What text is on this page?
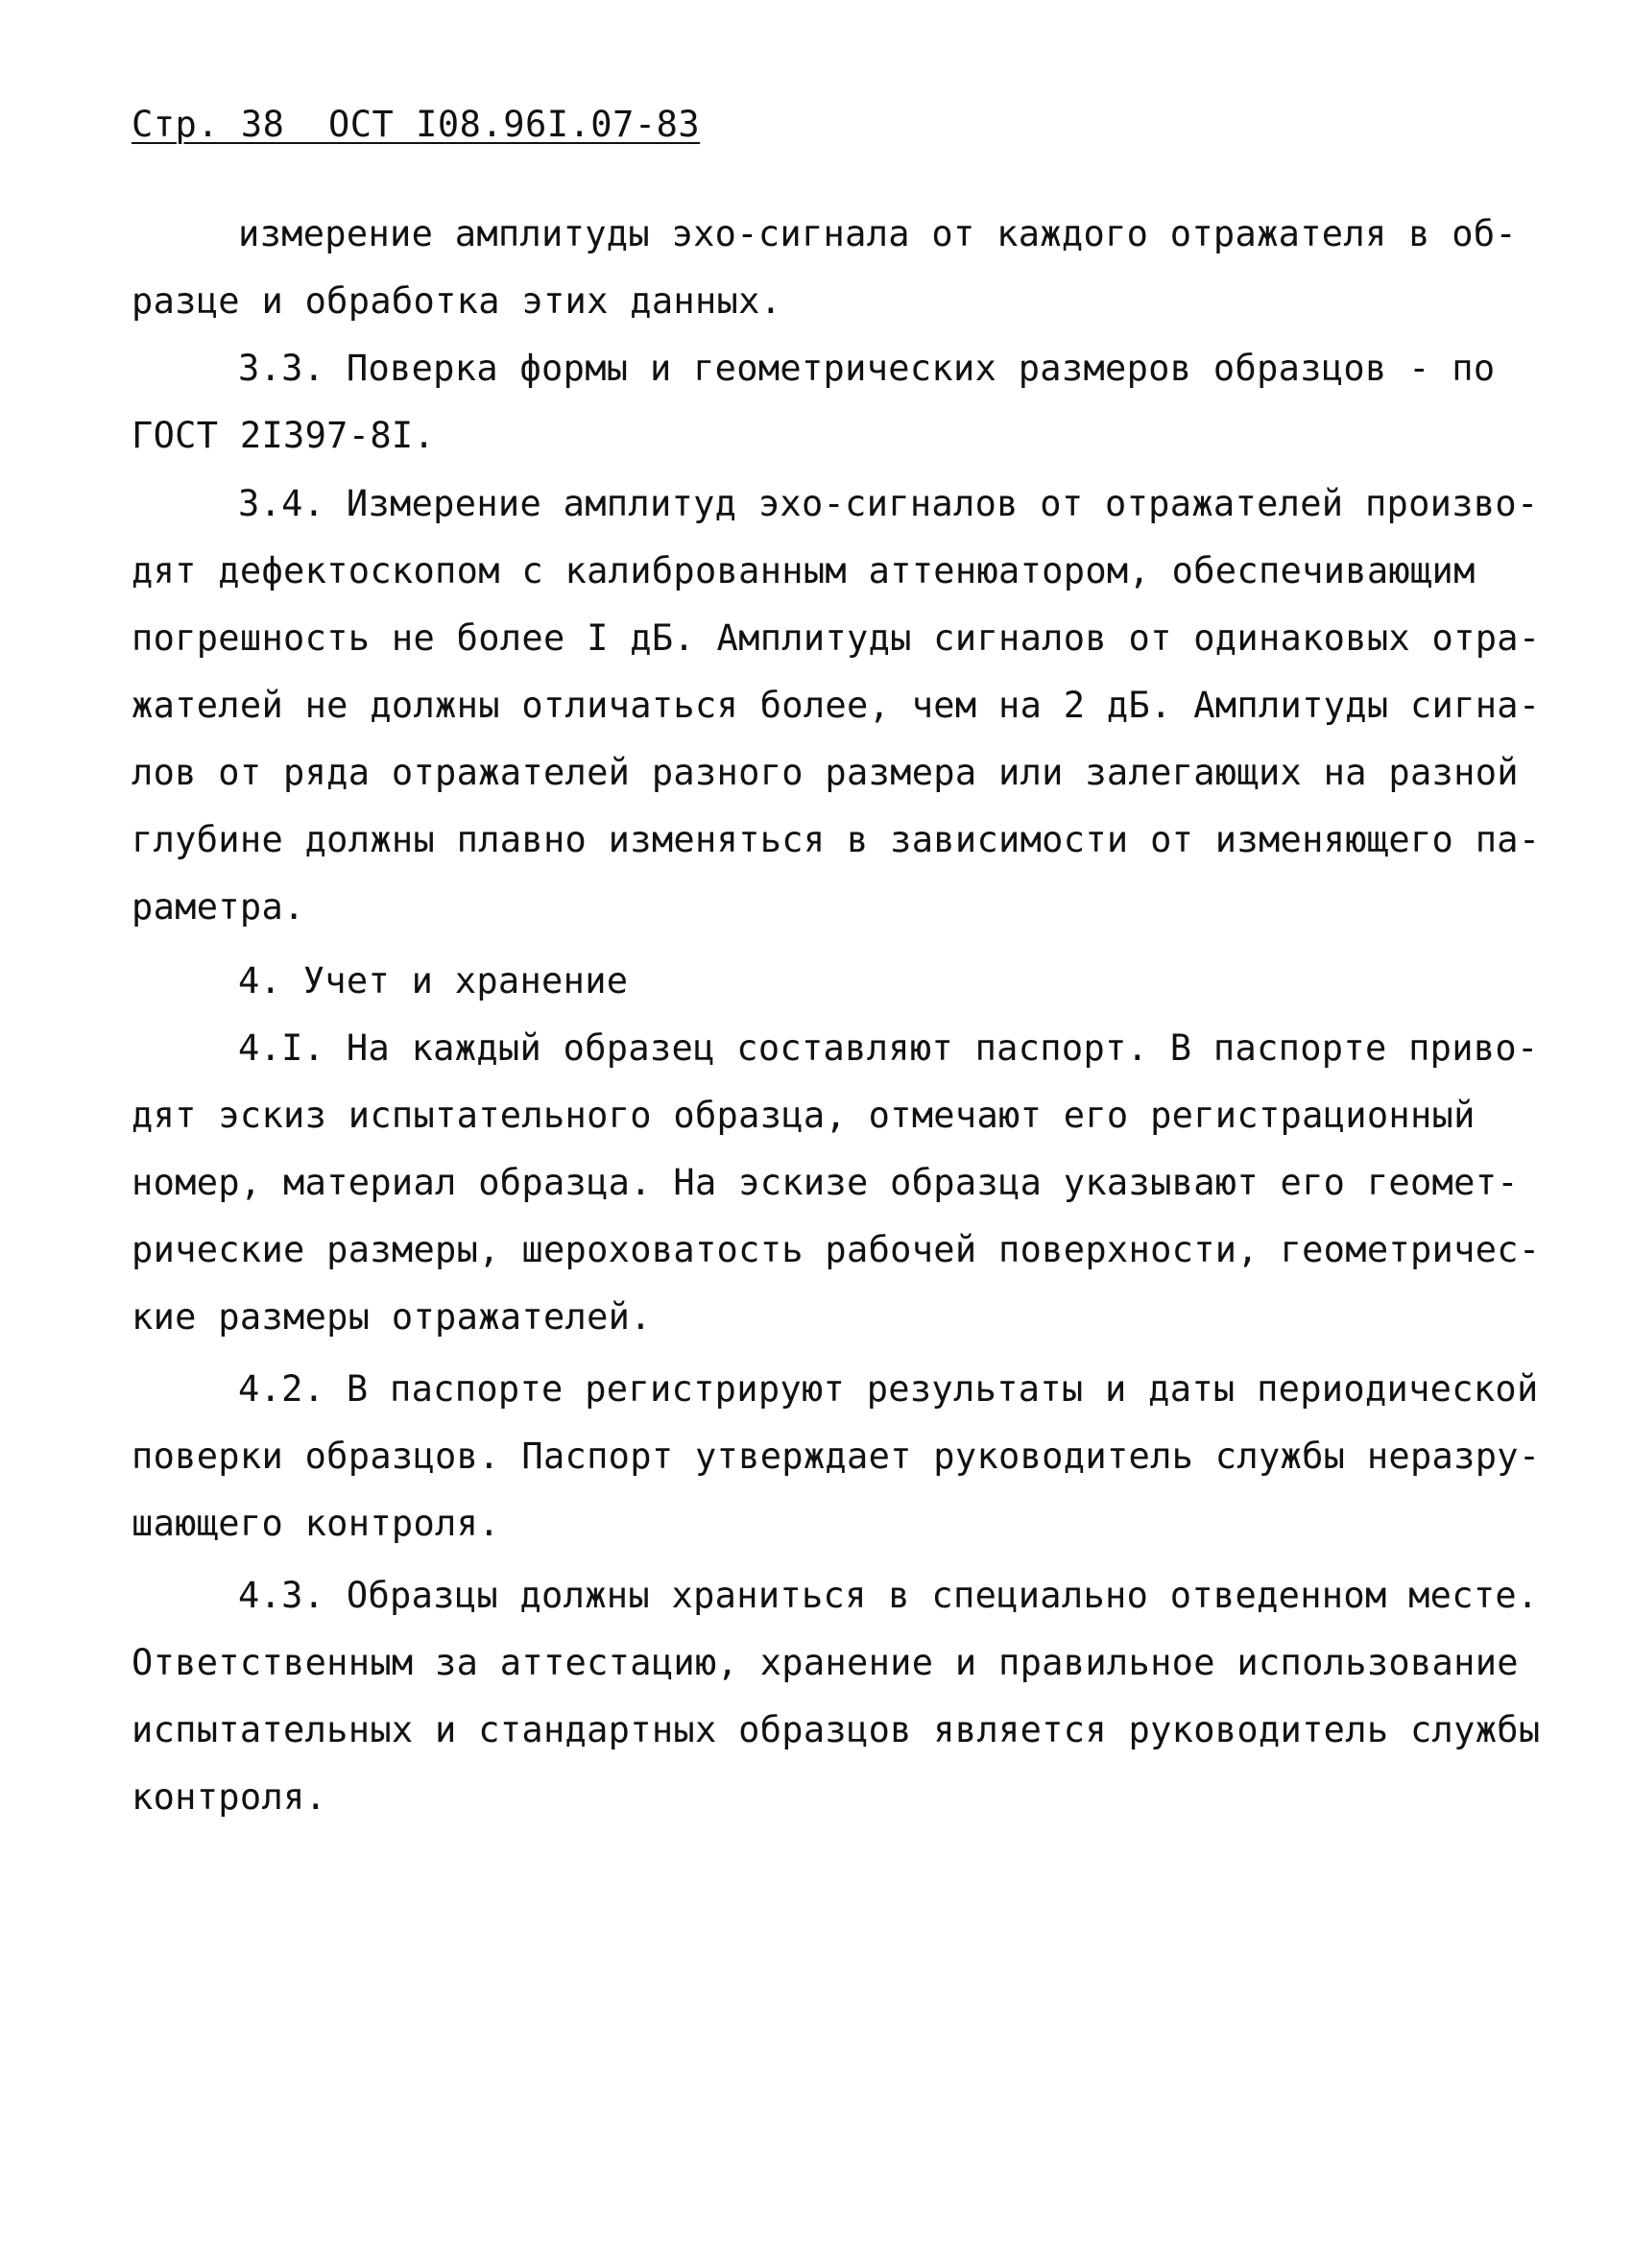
Стр. 38  ОСТ I08.96I.07-83
измерение амплитуды эхо-сигнала от каждого отражателя в об-
разце и обработка этих данных.
3.3. Поверка формы и геометрических размеров образцов - по
ГОСТ 2I397-8I.
3.4. Измерение амплитуд эхо-сигналов от отражателей произво-
дят дефектоскопом с калиброванным аттенюатором, обеспечивающим
погрешность не более I дБ. Амплитуды сигналов от одинаковых отра-
жателей не должны отличаться более, чем на 2 дБ. Амплитуды сигна-
лов от ряда отражателей разного размера или залегающих на разной
глубине должны плавно изменяться в зависимости от изменяющего па-
раметра.
4. Учет и хранение
4.I. На каждый образец составляют паспорт. В паспорте приво-
дят эскиз испытательного образца, отмечают его регистрационный
номер, материал образца. На эскизе образца указывают его геомет-
рические размеры, шероховатость рабочей поверхности, геометричес-
кие размеры отражателей.
4.2. В паспорте регистрируют результаты и даты периодической
поверки образцов. Паспорт утверждает руководитель службы неразру-
шающего контроля.
4.3. Образцы должны храниться в специально отведенном месте.
Ответственным за аттестацию, хранение и правильное использование
испытательных и стандартных образцов является руководитель службы
контроля.
